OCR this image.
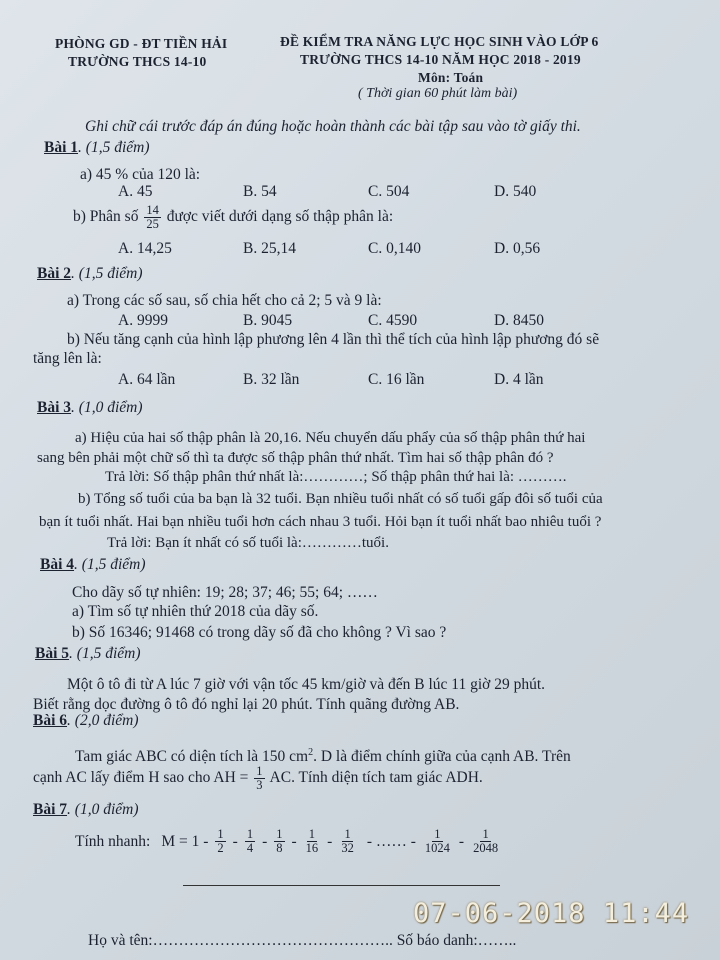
PHÒNG GD - ĐT TIỀN HẢI
TRƯỜNG THCS 14-10
ĐỀ KIỂM TRA NĂNG LỰC HỌC SINH VÀO LỚP 6
TRƯỜNG THCS 14-10 NĂM HỌC 2018 - 2019
Môn: Toán
( Thời gian 60 phút làm bài)
Ghi chữ cái trước đáp án đúng hoặc hoàn thành các bài tập sau vào tờ giấy thi.
Bài 1. (1,5 điểm)
a) 45 % của 120 là:
A. 45	B. 54	C. 504	D. 540
b) Phân số $\frac{14}{25}$ được viết dưới dạng số thập phân là:
A. 14,25	B. 25,14	C. 0,140	D. 0,56
Bài 2. (1,5 điểm)
a) Trong các số sau, số chia hết cho cả 2; 5 và 9 là:
A. 9999	B. 9045	C. 4590	D. 8450
b) Nếu tăng cạnh của hình lập phương lên 4 lần thì thể tích của hình lập phương đó sẽ
tăng lên là:
A. 64 lần	B. 32 lần	C. 16 lần	D. 4 lần
Bài 3. (1,0 điểm)
a) Hiệu của hai số thập phân là 20,16. Nếu chuyển dấu phẩy của số thập phân thứ hai
sang bên phải một chữ số thì ta được số thập phân thứ nhất. Tìm hai số thập phân đó ?
Trả lời: Số thập phân thứ nhất là:…………; Số thập phân thứ hai là: ……….
b) Tổng số tuổi của ba bạn là 32 tuổi. Bạn nhiều tuổi nhất có số tuổi gấp đôi số tuổi của
bạn ít tuổi nhất. Hai bạn nhiều tuổi hơn cách nhau 3 tuổi. Hỏi bạn ít tuổi nhất bao nhiêu tuổi ?
Trả lời: Bạn ít nhất có số tuổi là:…………tuổi.
Bài 4. (1,5 điểm)
Cho dãy số tự nhiên: 19; 28; 37; 46; 55; 64; ……
a) Tìm số tự nhiên thứ 2018 của dãy số.
b) Số 16346; 91468 có trong dãy số đã cho không ? Vì sao ?
Bài 5. (1,5 điểm)
Một ô tô đi từ A lúc 7 giờ với vận tốc 45 km/giờ và đến B lúc 11 giờ 29 phút.
Biết rằng dọc đường ô tô đó nghỉ lại 20 phút. Tính quãng đường AB.
Bài 6. (2,0 điểm)
Tam giác ABC có diện tích là 150 $cm^2$. D là điểm chính giữa của cạnh AB. Trên
cạnh AC lấy điểm H sao cho AH = $\frac{1}{3}$ AC. Tính diện tích tam giác ADH.
Bài 7. (1,0 điểm)
Tính nhanh: $M = 1 - \frac{1}{2} - \frac{1}{4} - \frac{1}{8} - \frac{1}{16} - \frac{1}{32}$ - …… - $\frac{1}{1024} - \frac{1}{2048}$
Họ và tên:……………………………………….. Số báo danh:……..
07-06-2018 11:44
